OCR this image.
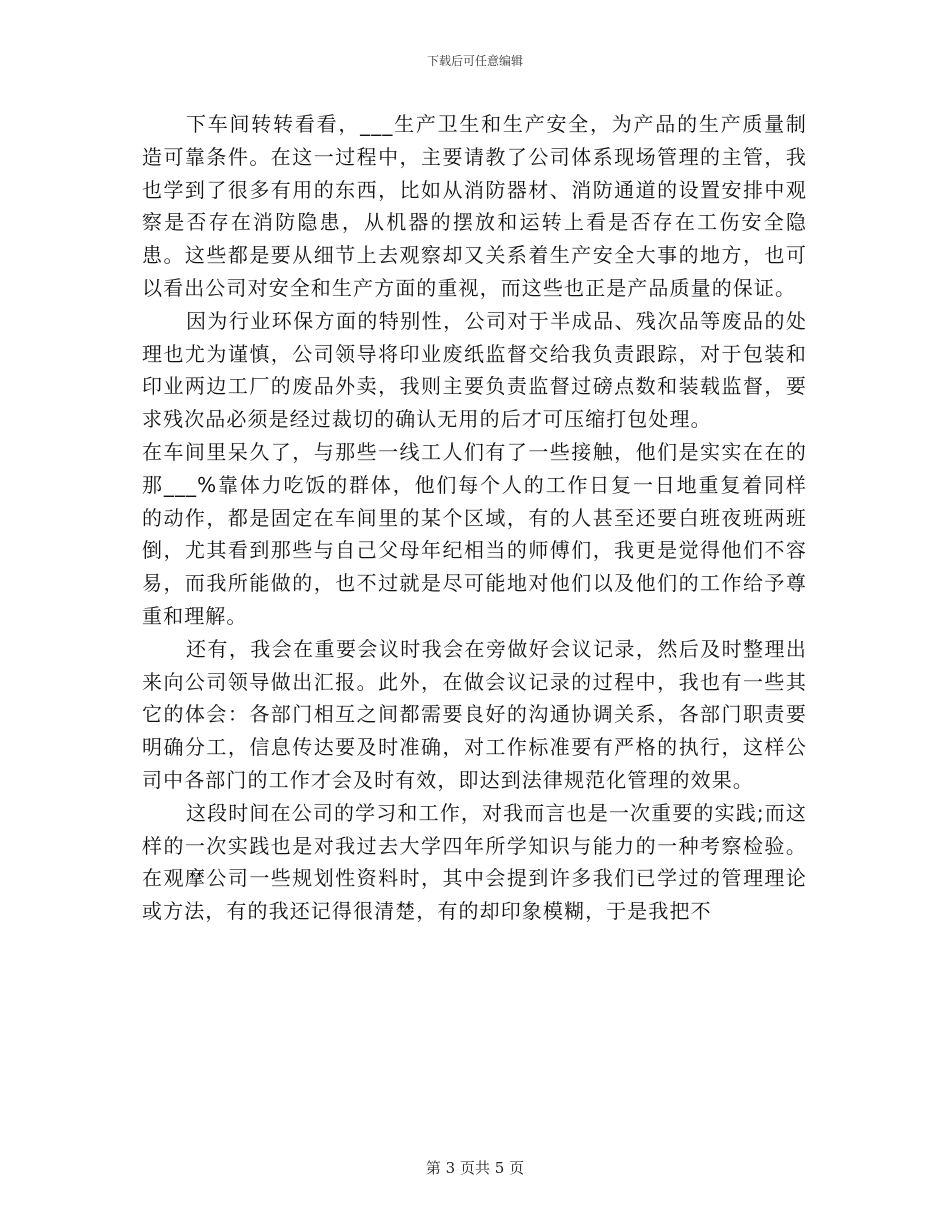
下载后可任意编辑

下车间转转看看，___生产卫生和生产安全，为产品的生产质量制造可靠条件。在这一过程中，主要请教了公司体系现场管理的主管，我也学到了很多有用的东西，比如从消防器材、消防通道的设置安排中观察是否存在消防隐患，从机器的摆放和运转上看是否存在工伤安全隐患。这些都是要从细节上去观察却又关系着生产安全大事的地方，也可以看出公司对安全和生产方面的重视，而这些也正是产品质量的保证。

因为行业环保方面的特别性，公司对于半成品、残次品等废品的处理也尤为谨慎，公司领导将印业废纸监督交给我负责跟踪，对于包装和印业两边工厂的废品外卖，我则主要负责监督过磅点数和装载监督，要求残次品必须是经过裁切的确认无用的后才可压缩打包处理。

在车间里呆久了，与那些一线工人们有了一些接触，他们是实实在在的那___%靠体力吃饭的群体，他们每个人的工作日复一日地重复着同样的动作，都是固定在车间里的某个区域，有的人甚至还要白班夜班两班倒，尤其看到那些与自己父母年纪相当的师傅们，我更是觉得他们不容易，而我所能做的，也不过就是尽可能地对他们以及他们的工作给予尊重和理解。

还有，我会在重要会议时我会在旁做好会议记录，然后及时整理出来向公司领导做出汇报。此外，在做会议记录的过程中，我也有一些其它的体会：各部门相互之间都需要良好的沟通协调关系，各部门职责要明确分工，信息传达要及时准确，对工作标准要有严格的执行，这样公司中各部门的工作才会及时有效，即达到法律规范化管理的效果。

这段时间在公司的学习和工作，对我而言也是一次重要的实践;而这样的一次实践也是对我过去大学四年所学知识与能力的一种考察检验。在观摩公司一些规划性资料时，其中会提到许多我们已学过的管理理论或方法，有的我还记得很清楚，有的却印象模糊，于是我把不

第 3 页共 5 页
